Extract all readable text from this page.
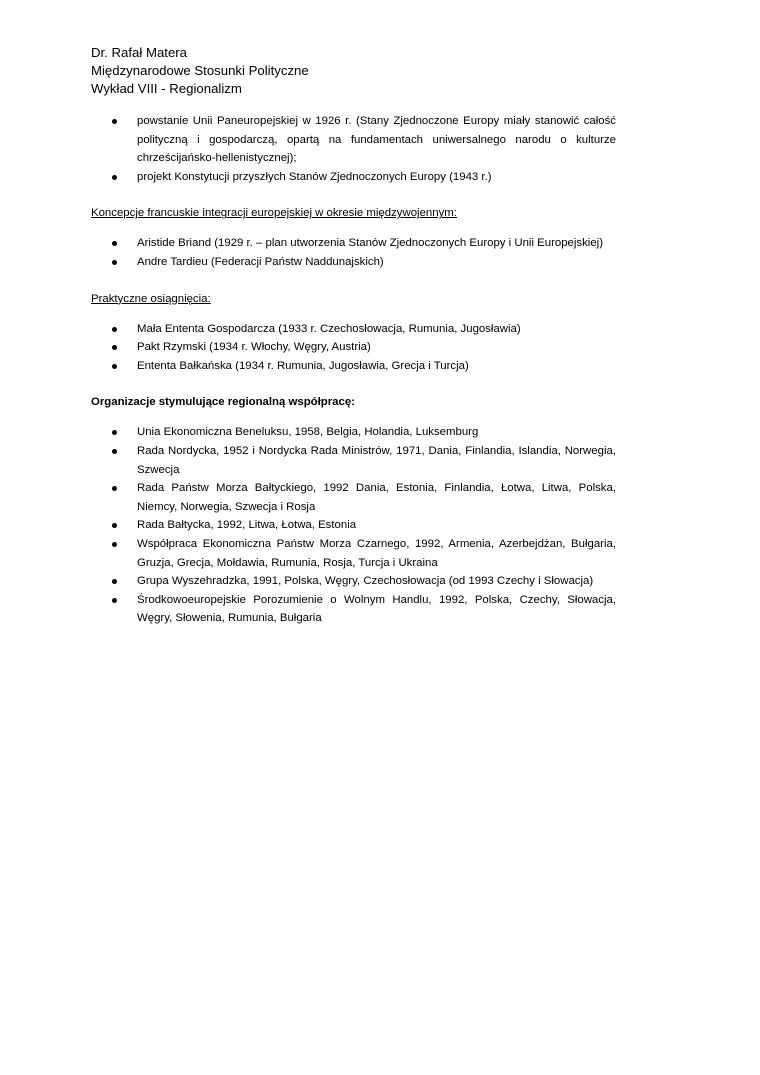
Dr. Rafał Matera
Międzynarodowe Stosunki Polityczne
Wykład VIII - Regionalizm
powstanie Unii Paneuropejskiej w 1926 r. (Stany Zjednoczone Europy miały stanowić całość polityczną i gospodarczą, opartą na fundamentach uniwersalnego narodu o kulturze chrześcijańsko-hellenistycznej);
projekt Konstytucji przyszłych Stanów Zjednoczonych Europy (1943 r.)
Koncepcje francuskie integracji europejskiej w okresie międzywojennym:
Aristide Briand (1929 r. – plan utworzenia Stanów Zjednoczonych Europy i Unii Europejskiej)
Andre Tardieu (Federacji Państw Naddunajskich)
Praktyczne osiągnięcia:
Mała Ententa Gospodarcza (1933 r. Czechosłowacja, Rumunia, Jugosławia)
Pakt Rzymski (1934 r. Włochy, Węgry, Austria)
Ententa Bałkańska (1934 r. Rumunia, Jugosławia, Grecja i Turcja)
Organizacje stymulujące regionalną współpracę:
Unia Ekonomiczna Beneluksu, 1958, Belgia, Holandia, Luksemburg
Rada Nordycka, 1952 i Nordycka Rada Ministrów, 1971, Dania, Finlandia, Islandia, Norwegia, Szwecja
Rada Państw Morza Bałtyckiego, 1992 Dania, Estonia, Finlandia, Łotwa, Litwa, Polska, Niemcy, Norwegia, Szwecja i Rosja
Rada Bałtycka, 1992, Litwa, Łotwa, Estonia
Współpraca Ekonomiczna Państw Morza Czarnego, 1992, Armenia, Azerbejdżan, Bułgaria, Gruzja, Grecja, Mołdawia, Rumunia, Rosja, Turcja i Ukraina
Grupa Wyszehradzka, 1991, Polska, Węgry, Czechosłowacja (od 1993 Czechy i Słowacja)
Środkowoeuropejskie Porozumienie o Wolnym Handlu, 1992, Polska, Czechy, Słowacja, Węgry, Słowenia, Rumunia, Bułgaria
